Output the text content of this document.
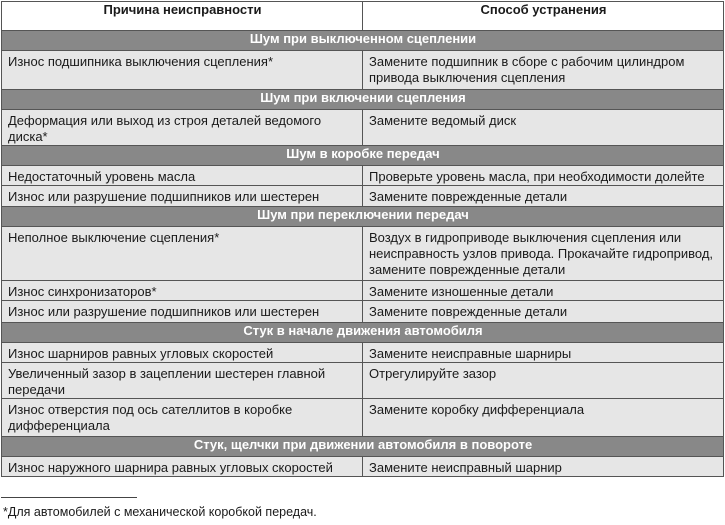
Причина неисправности	Способ устранения
Шум при выключенном сцеплении	
Износ подшипника выключения сцепления*	Замените подшипник в сборе с рабочим цилиндром привода выключения сцепления
Шум при включении сцепления	
Деформация или выход из строя деталей ведомого диска*	Замените ведомый диск
Шум в коробке передач	
Недостаточный уровень масла	Проверьте уровень масла, при необходимости долейте
Износ или разрушение подшипников или шестерен	Замените поврежденные детали
Шум при переключении передач	
Неполное выключение сцепления*	Воздух в гидроприводе выключения сцепления или неисправность узлов привода. Прокачайте гидропривод, замените поврежденные детали
Износ синхронизаторов*	Замените изношенные детали
Износ или разрушение подшипников или шестерен	Замените поврежденные детали
Стук в начале движения автомобиля	
Износ шарниров равных угловых скоростей	Замените неисправные шарниры
Увеличенный зазор в зацеплении шестерен главной передачи	Отрегулируйте зазор
Износ отверстия под ось сателлитов в коробке дифференциала	Замените коробку дифференциала
Стук, щелчки при движении автомобиля в повороте	
Износ наружного шарнира равных угловых скоростей	Замените неисправный шарнир
*Для автомобилей с механической коробкой передач.
